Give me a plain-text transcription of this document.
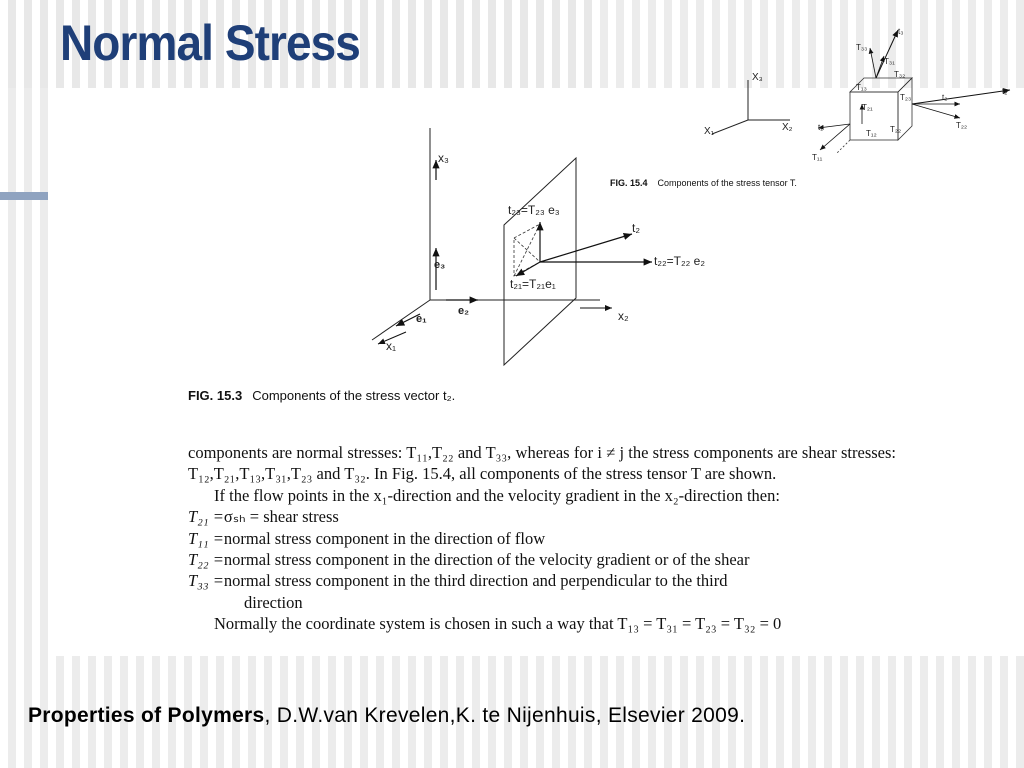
Normal Stress
X₃
X₂
X₁
t₃
T₃₃
T₃₁
T₃₂
T₁₃
T₂₃
T₂₁
T₁₂ T₂₂
T₁₁
t₁
t₂
t₂
T₂₂
x₃
x₂
x₁
e₃
e₂
e₁
t₂₃=T₂₃ e₃
t₂
t₂₂=T₂₂ e₂
t₂₁=T₂₁e₁
FIG. 15.4 Components of the stress tensor T.
FIG. 15.3 Components of the stress vector t₂.

components are normal stresses: T₁₁,T₂₂ and T₃₃, whereas for i ≠ j the stress components are shear stresses: T₁₂,T₂₁,T₁₃,T₃₁,T₂₃ and T₃₂. In Fig. 15.4, all components of the stress tensor T are shown.

If the flow points in the x₁-direction and the velocity gradient in the x₂-direction then:

T₂₁ = σₛₕ = shear stress
T₁₁ = normal stress component in the direction of flow
T₂₂ = normal stress component in the direction of the velocity gradient or of the shear
T₃₃ = normal stress component in the third direction and perpendicular to the third

direction

Normally the coordinate system is chosen in such a way that T₁₃ = T₃₁ = T₂₃ = T₃₂ = 0

Properties of Polymers, D.W.van Krevelen,K. te Nijenhuis, Elsevier 2009.
